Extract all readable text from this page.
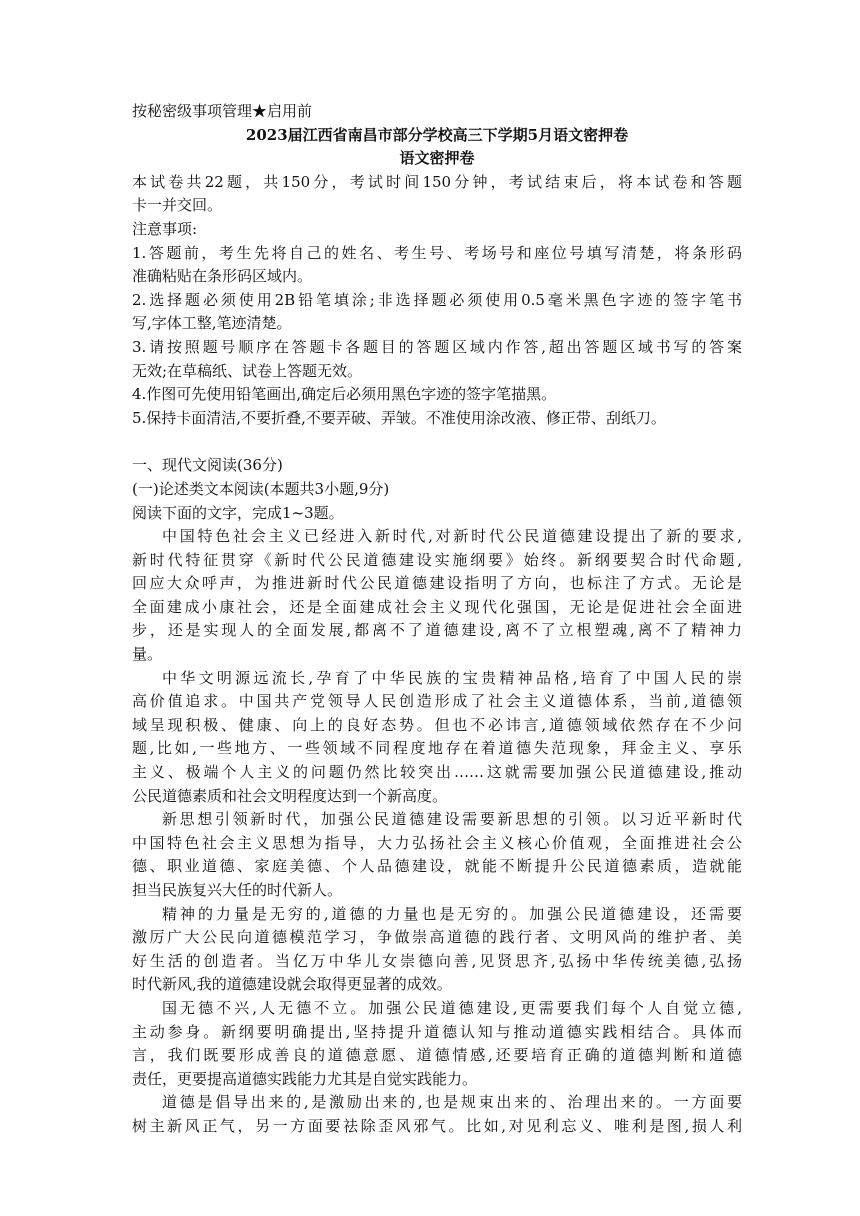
按秘密级事项管理★启用前
2023届江西省南昌市部分学校高三下学期5月语文密押卷
语文密押卷
本试卷共22题，共150分，考试时间150分钟，考试结束后，将本试卷和答题
卡一并交回。
注意事项:
1.答题前，考生先将自己的姓名、考生号、考场号和座位号填写清楚，将条形码
准确粘贴在条形码区域内。
2.选择题必须使用2B铅笔填涂;非选择题必须使用0.5毫米黑色字迹的签字笔书
写,字体工整,笔迹清楚。
3.请按照题号顺序在答题卡各题目的答题区域内作答,超出答题区域书写的答案
无效;在草稿纸、试卷上答题无效。
4.作图可先使用铅笔画出,确定后必须用黑色字迹的签字笔描黑。
5.保持卡面清洁,不要折叠,不要弄破、弄皱。不准使用涂改液、修正带、刮纸刀。
一、现代文阅读(36分)
(一)论述类文本阅读(本题共3小题,9分)
阅读下面的文字，完成1~3题。
中国特色社会主义已经进入新时代,对新时代公民道德建设提出了新的要求,
新时代特征贯穿《新时代公民道德建设实施纲要》始终。新纲要契合时代命题,
回应大众呼声，为推进新时代公民道德建设指明了方向，也标注了方式。无论是
全面建成小康社会，还是全面建成社会主义现代化强国，无论是促进社会全面进
步，还是实现人的全面发展,都离不了道德建设,离不了立根塑魂,离不了精神力
量。
中华文明源远流长,孕育了中华民族的宝贵精神品格,培育了中国人民的崇
高价值追求。中国共产党领导人民创造形成了社会主义道德体系，当前,道德领
域呈现积极、健康、向上的良好态势。但也不必讳言,道德领域依然存在不少问
题,比如,一些地方、一些领域不同程度地存在着道德失范现象，拜金主义、享乐
主义、极端个人主义的问题仍然比较突出……这就需要加强公民道德建设,推动
公民道德素质和社会文明程度达到一个新高度。
新思想引领新时代，加强公民道德建设需要新思想的引领。以习近平新时代
中国特色社会主义思想为指导，大力弘扬社会主义核心价值观，全面推进社会公
德、职业道德、家庭美德、个人品德建设，就能不断提升公民道德素质，造就能
担当民族复兴大任的时代新人。
精神的力量是无穷的,道德的力量也是无穷的。加强公民道德建设，还需要
激厉广大公民向道德模范学习，争做崇高道德的践行者、文明风尚的维护者、美
好生活的创造者。当亿万中华儿女崇德向善,见贤思齐,弘扬中华传统美德,弘扬
时代新风,我的道德建设就会取得更显著的成效。
国无德不兴,人无德不立。加强公民道德建设,更需要我们每个人自觉立德,
主动参身。新纲要明确提出,坚持提升道德认知与推动道德实践相结合。具体而
言，我们既要形成善良的道德意愿、道德情感,还要培育正确的道德判断和道德
责任，更要提高道德实践能力尤其是自觉实践能力。
道德是倡导出来的,是激励出来的,也是规束出来的、治理出来的。一方面要
树主新风正气，另一方面要祛除歪风邪气。比如,对见利忘义、唯利是图,损人利
